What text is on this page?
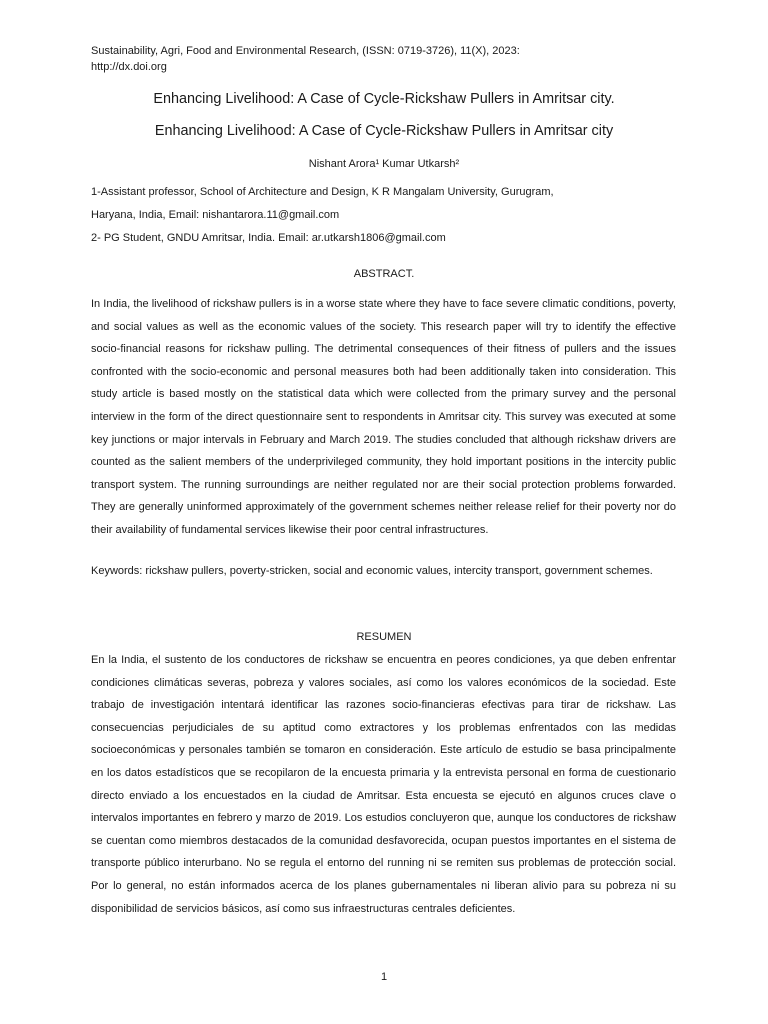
Sustainability, Agri, Food and Environmental Research, (ISSN: 0719-3726), 11(X), 2023:
http://dx.doi.org
Enhancing Livelihood: A Case of Cycle-Rickshaw Pullers in Amritsar city.
Enhancing Livelihood: A Case of Cycle-Rickshaw Pullers in Amritsar city
Nishant Arora¹ Kumar Utkarsh²
1-Assistant professor, School of Architecture and Design, K R Mangalam University, Gurugram,
Haryana, India, Email: nishantarora.11@gmail.com
2- PG Student, GNDU Amritsar, India. Email: ar.utkarsh1806@gmail.com
ABSTRACT.

In India, the livelihood of rickshaw pullers is in a worse state where they have to face severe climatic conditions, poverty, and social values as well as the economic values of the society. This research paper will try to identify the effective socio-financial reasons for rickshaw pulling. The detrimental consequences of their fitness of pullers and the issues confronted with the socio-economic and personal measures both had been additionally taken into consideration. This study article is based mostly on the statistical data which were collected from the primary survey and the personal interview in the form of the direct questionnaire sent to respondents in Amritsar city. This survey was executed at some key junctions or major intervals in February and March 2019. The studies concluded that although rickshaw drivers are counted as the salient members of the underprivileged community, they hold important positions in the intercity public transport system. The running surroundings are neither regulated nor are their social protection problems forwarded. They are generally uninformed approximately of the government schemes neither release relief for their poverty nor do their availability of fundamental services likewise their poor central infrastructures.

Keywords: rickshaw pullers, poverty-stricken, social and economic values, intercity transport, government schemes.

RESUMEN

En la India, el sustento de los conductores de rickshaw se encuentra en peores condiciones, ya que deben enfrentar condiciones climáticas severas, pobreza y valores sociales, así como los valores económicos de la sociedad. Este trabajo de investigación intentará identificar las razones socio-financieras efectivas para tirar de rickshaw. Las consecuencias perjudiciales de su aptitud como extractores y los problemas enfrentados con las medidas socioeconómicas y personales también se tomaron en consideración. Este artículo de estudio se basa principalmente en los datos estadísticos que se recopilaron de la encuesta primaria y la entrevista personal en forma de cuestionario directo enviado a los encuestados en la ciudad de Amritsar. Esta encuesta se ejecutó en algunos cruces clave o intervalos importantes en febrero y marzo de 2019. Los estudios concluyeron que, aunque los conductores de rickshaw se cuentan como miembros destacados de la comunidad desfavorecida, ocupan puestos importantes en el sistema de transporte público interurbano. No se regula el entorno del running ni se remiten sus problemas de protección social. Por lo general, no están informados acerca de los planes gubernamentales ni liberan alivio para su pobreza ni su disponibilidad de servicios básicos, así como sus infraestructuras centrales deficientes.

1
